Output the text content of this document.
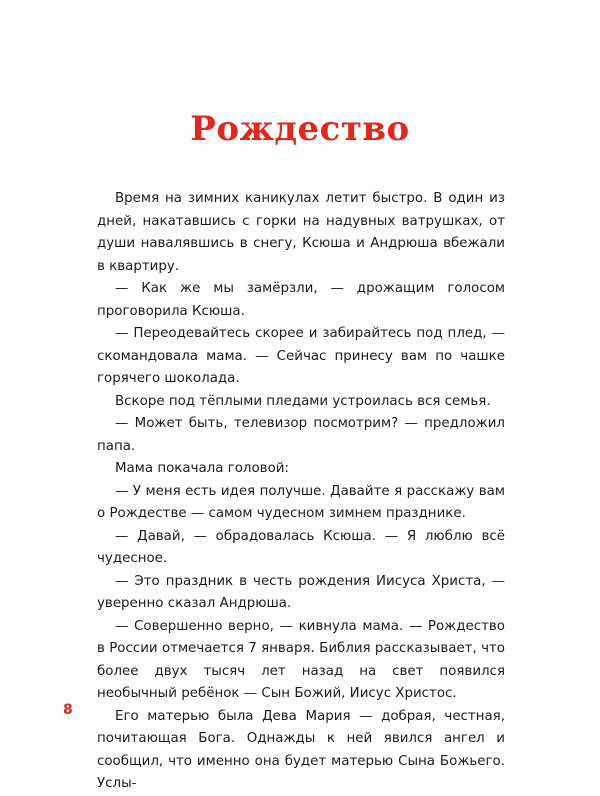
Рождество

Время на зимних каникулах летит быстро. В один из дней, накатавшись с горки на надувных ватрушках, от души навалявшись в снегу, Ксюша и Андрюша вбежали в квартиру.

— Как же мы замёрзли, — дрожащим голосом проговорила Ксюша.

— Переодевайтесь скорее и забирайтесь под плед, — скомандовала мама. — Сейчас принесу вам по чашке горячего шоколада.

Вскоре под тёплыми пледами устроилась вся семья.

— Может быть, телевизор посмотрим? — предложил папа.

Мама покачала головой:

— У меня есть идея получше. Давайте я расскажу вам о Рождестве — самом чудесном зимнем празднике.

— Давай, — обрадовалась Ксюша. — Я люблю всё чудесное.

— Это праздник в честь рождения Иисуса Христа, — уверенно сказал Андрюша.

— Совершенно верно, — кивнула мама. — Рождество в России отмечается 7 января. Библия рассказывает, что более двух тысяч лет назад на свет появился необычный ребёнок — Сын Божий, Иисус Христос.

Его матерью была Дева Мария — добрая, честная, почитающая Бога. Однажды к ней явился ангел и сообщил, что именно она будет матерью Сына Божьего. Услы-

8
